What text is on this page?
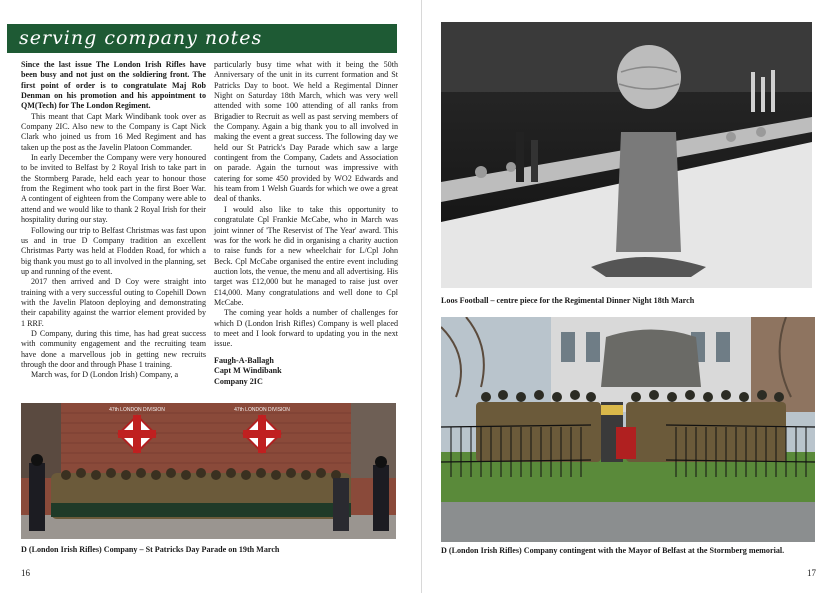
serving company notes

Since the last issue The London Irish Rifles have been busy and not just on the soldiering front. The first point of order is to congratulate Maj Rob Denman on his promotion and his appointment to QM(Tech) for The London Regiment.

This meant that Capt Mark Windibank took over as Company 2IC. Also new to the Company is Capt Nick Clark who joined us from 16 Med Regiment and has taken up the post as the Javelin Platoon Commander.

In early December the Company were very honoured to be invited to Belfast by 2 Royal Irish to take part in the Stormberg Parade, held each year to honour those from the Regiment who took part in the first Boer War. A contingent of eighteen from the Company were able to attend and we would like to thank 2 Royal Irish for their hospitality during our stay.

Following our trip to Belfast Christmas was fast upon us and in true D Company tradition an excellent Christmas Party was held at Flodden Road, for which a big thank you must go to all involved in the planning, set up and running of the event.

2017 then arrived and D Coy were straight into training with a very successful outing to Copehill Down with the Javelin Platoon deploying and demonstrating their capability against the warrior element provided by 1 RRF.

D Company, during this time, has had great success with community engagement and the recruiting team have done a marvellous job in getting new recruits through the door and through Phase 1 training.

March was, for D (London Irish) Company, a

particularly busy time what with it being the 50th Anniversary of the unit in its current formation and St Patricks Day to boot. We held a Regimental Dinner Night on Saturday 18th March, which was very well attended with some 100 attending of all ranks from Brigadier to Recruit as well as past serving members of the Company. Again a big thank you to all involved in making the event a great success. The following day we held our St Patrick's Day Parade which saw a large contingent from the Company, Cadets and Association on parade. Again the turnout was impressive with catering for some 450 provided by WO2 Edwards and his team from 1 Welsh Guards for which we owe a great deal of thanks.

I would also like to take this opportunity to congratulate Cpl Frankie McCabe, who in March was joint winner of 'The Reservist of The Year' award. This was for the work he did in organising a charity auction to raise funds for a new wheelchair for L/Cpl John Beck. Cpl McCabe organised the entire event including auction lots, the venue, the menu and all advertising. His target was £12,000 but he managed to raise just over £14,000. Many congratulations and well done to Cpl McCabe.

The coming year holds a number of challenges for which D (London Irish Rifles) Company is well placed to meet and I look forward to updating you in the next issue.

Faugh-A-Ballagh
Capt M Windibank
Company 2IC

47th LONDON DIVISION	47th LONDON DIVISION
D (London Irish Rifles) Company – St Patricks Day Parade on 19th March
16
Loos Football – centre piece for the Regimental Dinner Night 18th March
D (London Irish Rifles) Company contingent with the Mayor of Belfast at the Stormberg memorial.
17
